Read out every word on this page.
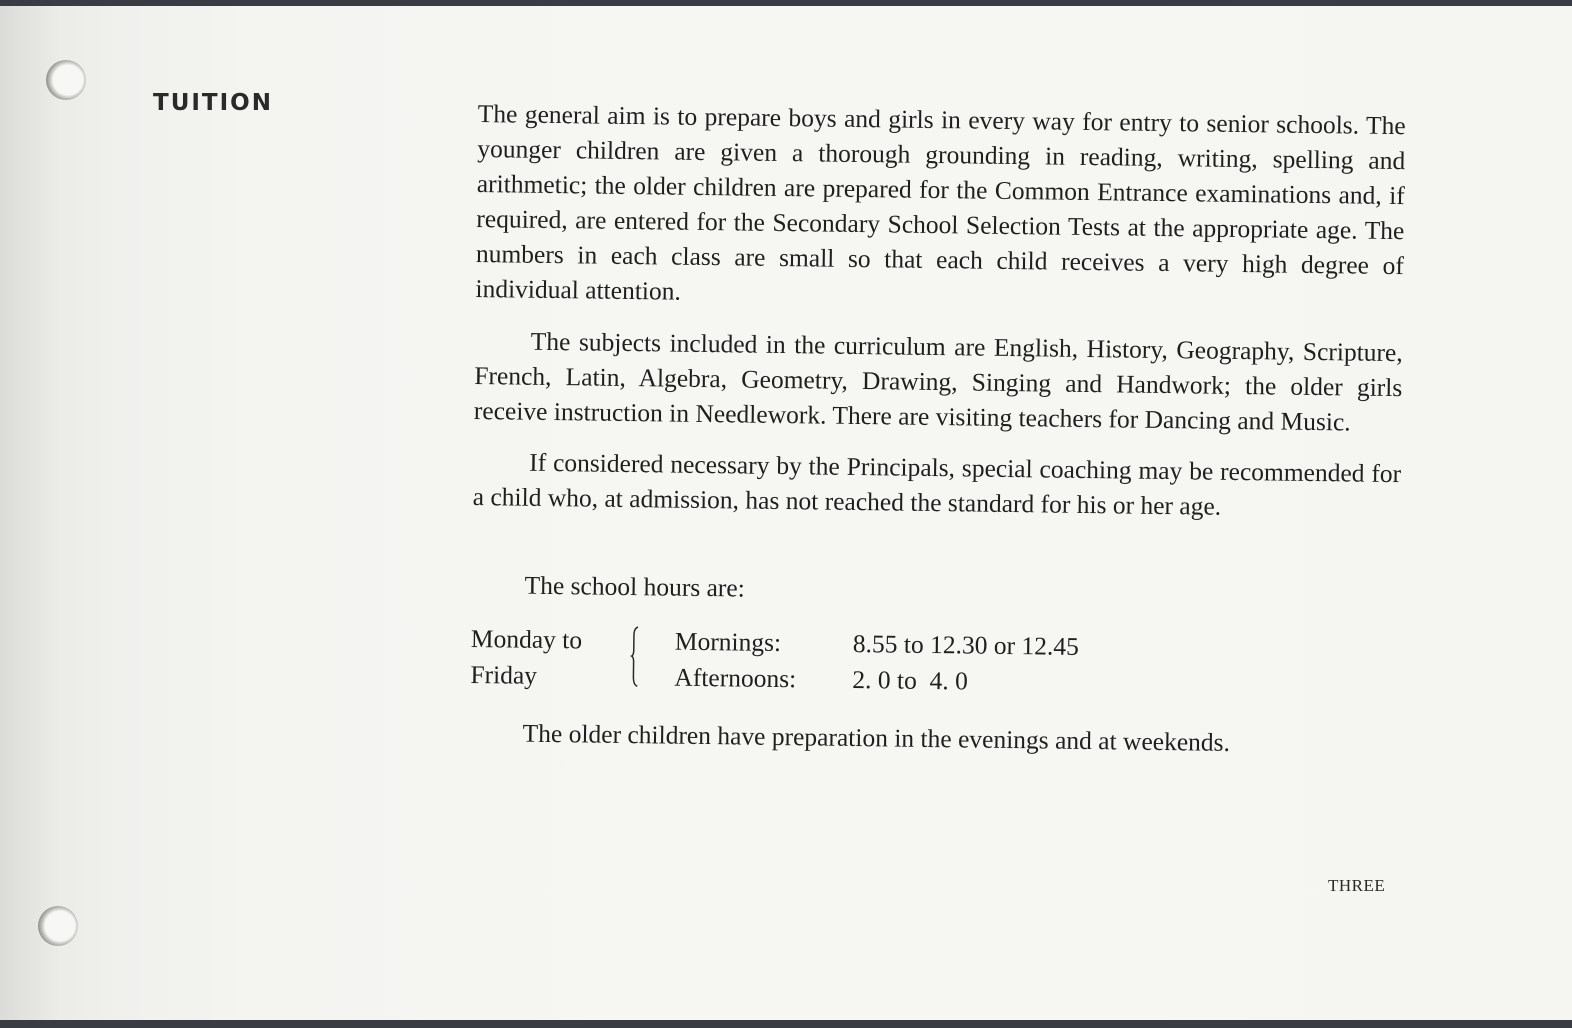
TUITION	The general aim is to prepare boys and girls in every way for entry to senior schools. The younger children are given a thorough grounding in reading, writing, spelling and arithmetic; the older children are prepared for the Common Entrance examinations and, if required, are entered for the Secondary School Selection Tests at the appropriate age. The numbers in each class are small so that each child receives a very high degree of individual attention.

The subjects included in the curriculum are English, History, Geography, Scripture, French, Latin, Algebra, Geometry, Drawing, Singing and Handwork; the older girls receive instruction in Needlework. There are visiting teachers for Dancing and Music.

If considered necessary by the Principals, special coaching may be recommended for a child who, at admission, has not reached the standard for his or her age.

The school hours are:

Monday to
Friday
Mornings:
Afternoons:
8.55 to 12.30 or 12.45
2. 0 to  4. 0

The older children have preparation in the evenings and at weekends.

THREE
